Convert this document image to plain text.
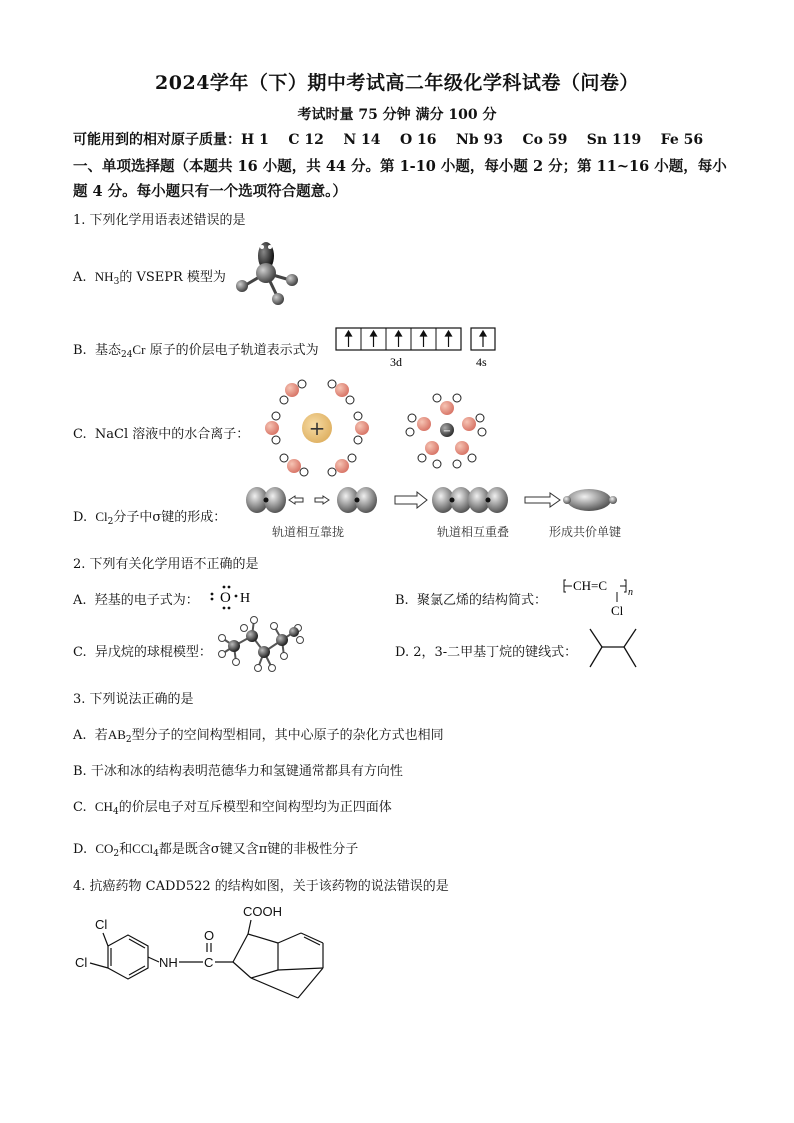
2024学年（下）期中考试高二年级化学科试卷（问卷）
考试时量 75 分钟 满分 100 分
可能用到的相对原子质量：H 1    C 12    N 14    O 16    Nb 93    Co 59    Sn 119    Fe 56
一、单项选择题（本题共 16 小题，共 44 分。第 1-10 小题，每小题 2 分；第 11~16 小题，每小题 4 分。每小题只有一个选项符合题意。）
1. 下列化学用语表述错误的是
A. $NH_3$的 VSEPR 模型为
B. 基态$_{24}$Cr 原子的价层电子轨道表示式为
3d	4s
C. NaCl 溶液中的水合离子：	+	−
D. $Cl_2$分子中σ键的形成：
轨道相互靠拢	轨道相互重叠	形成共价单键
2. 下列有关化学用语不正确的是
A. 羟基的电子式为： O H	B. 聚氯乙烯的结构简式：
CH=C n
Cl
C. 异戊烷的球棍模型：	D. 2，3-二甲基丁烷的键线式：
3. 下列说法正确的是
A. 若$AB_2$型分子的空间构型相同，其中心原子的杂化方式也相同
B. 干冰和冰的结构表明范德华力和氢键通常都具有方向性
C. $CH_4$的价层电子对互斥模型和空间构型均为正四面体
D. $CO_2$和CCl$_4$都是既含σ键又含π键的非极性分子
4. 抗癌药物 CADD522 的结构如图，关于该药物的说法错误的是
COOH
Cl
Cl	NH C
O
